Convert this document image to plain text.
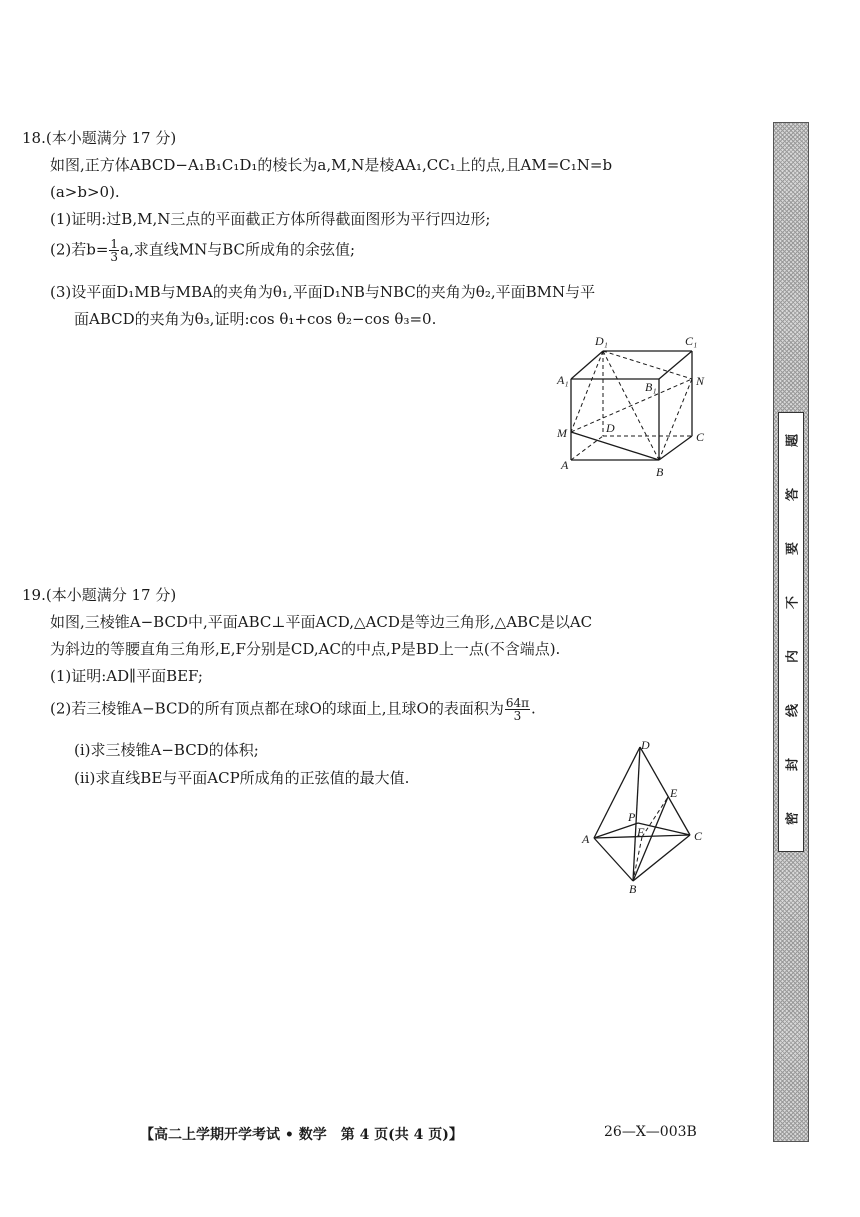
18.(本小题满分 17 分)
如图,正方体ABCD−A₁B₁C₁D₁的棱长为a,M,N是棱AA₁,CC₁上的点,且AM=C₁N=b
(a>b>0).
(1)证明:过B,M,N三点的平面截正方体所得截面图形为平行四边形;
(2)若$b= \frac{1}{3} a$,求直线MN与BC所成角的余弦值;
(3)设平面D₁MB与MBA的夹角为θ₁,平面D₁NB与NBC的夹角为θ₂,平面BMN与平
面ABCD的夹角为θ₃,证明:cos θ₁+cos θ₂−cos θ₃=0.
D₁	C₁
A₁	B₁	N
M	D
C
A	B
19.(本小题满分 17 分)
如图,三棱锥A−BCD中,平面ABC⊥平面ACD,△ACD是等边三角形,△ABC是以AC
为斜边的等腰直角三角形,E,F分别是CD,AC的中点,P是BD上一点(不含端点).
(1)证明:AD∥平面BEF;
(2)若三棱锥A−BCD的所有顶点都在球O的球面上,且球O的表面积为 $\frac{64\pi}{3}$ .
(ⅰ)求三棱锥A−BCD的体积;
(ⅱ)求直线BE与平面ACP所成角的正弦值的最大值.
D
E
P
F
A	C
B
密
封
线
内
不
要
答
题
【高二上学期开学考试 • 数学　第 4 页(共 4 页)】	26—X—003B
